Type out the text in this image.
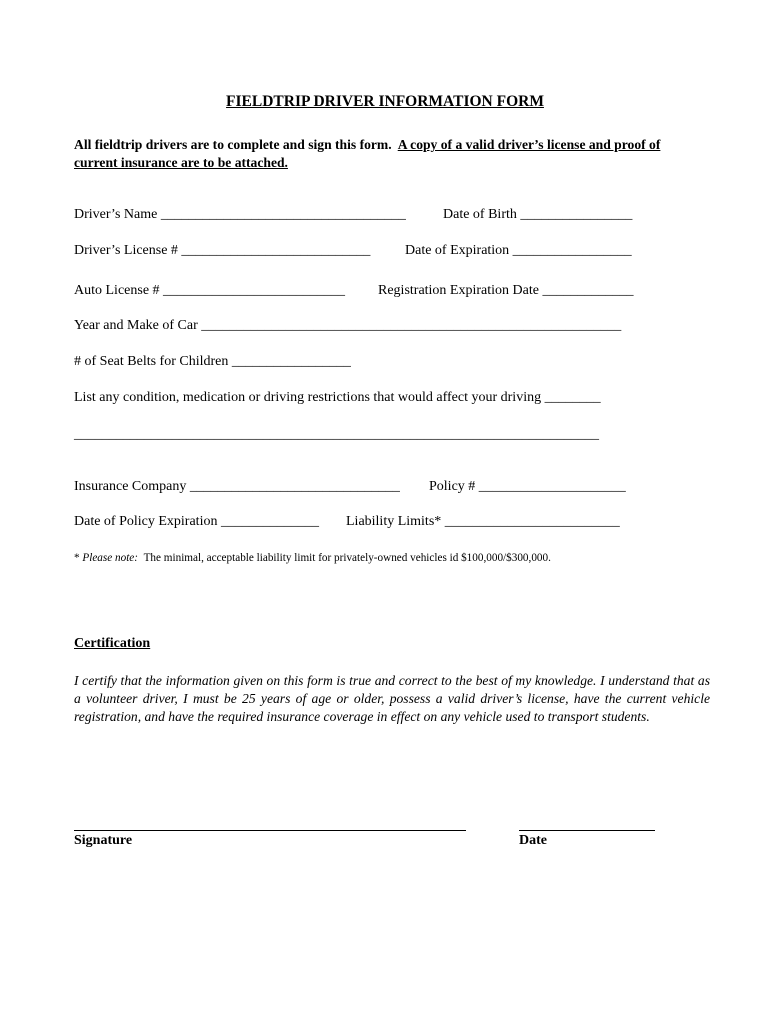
FIELDTRIP DRIVER INFORMATION FORM
All fieldtrip drivers are to complete and sign this form. A copy of a valid driver’s license and proof of current insurance are to be attached.
Driver’s Name ___________________________________	Date of Birth ________________
Driver’s License # ___________________________ Date of Expiration _________________
Auto License # __________________________ Registration Expiration Date _____________
Year and Make of Car ____________________________________________________________
# of Seat Belts for Children _________________
List any condition, medication or driving restrictions that would affect your driving ________
___________________________________________________________________________
Insurance Company ______________________________ Policy # _____________________
Date of Policy Expiration ______________ Liability Limits* _________________________
* Please note: The minimal, acceptable liability limit for privately-owned vehicles id $100,000/$300,000.
Certification
I certify that the information given on this form is true and correct to the best of my knowledge. I understand that as a volunteer driver, I must be 25 years of age or older, possess a valid driver’s license, have the current vehicle registration, and have the required insurance coverage in effect on any vehicle used to transport students.
Signature	Date
